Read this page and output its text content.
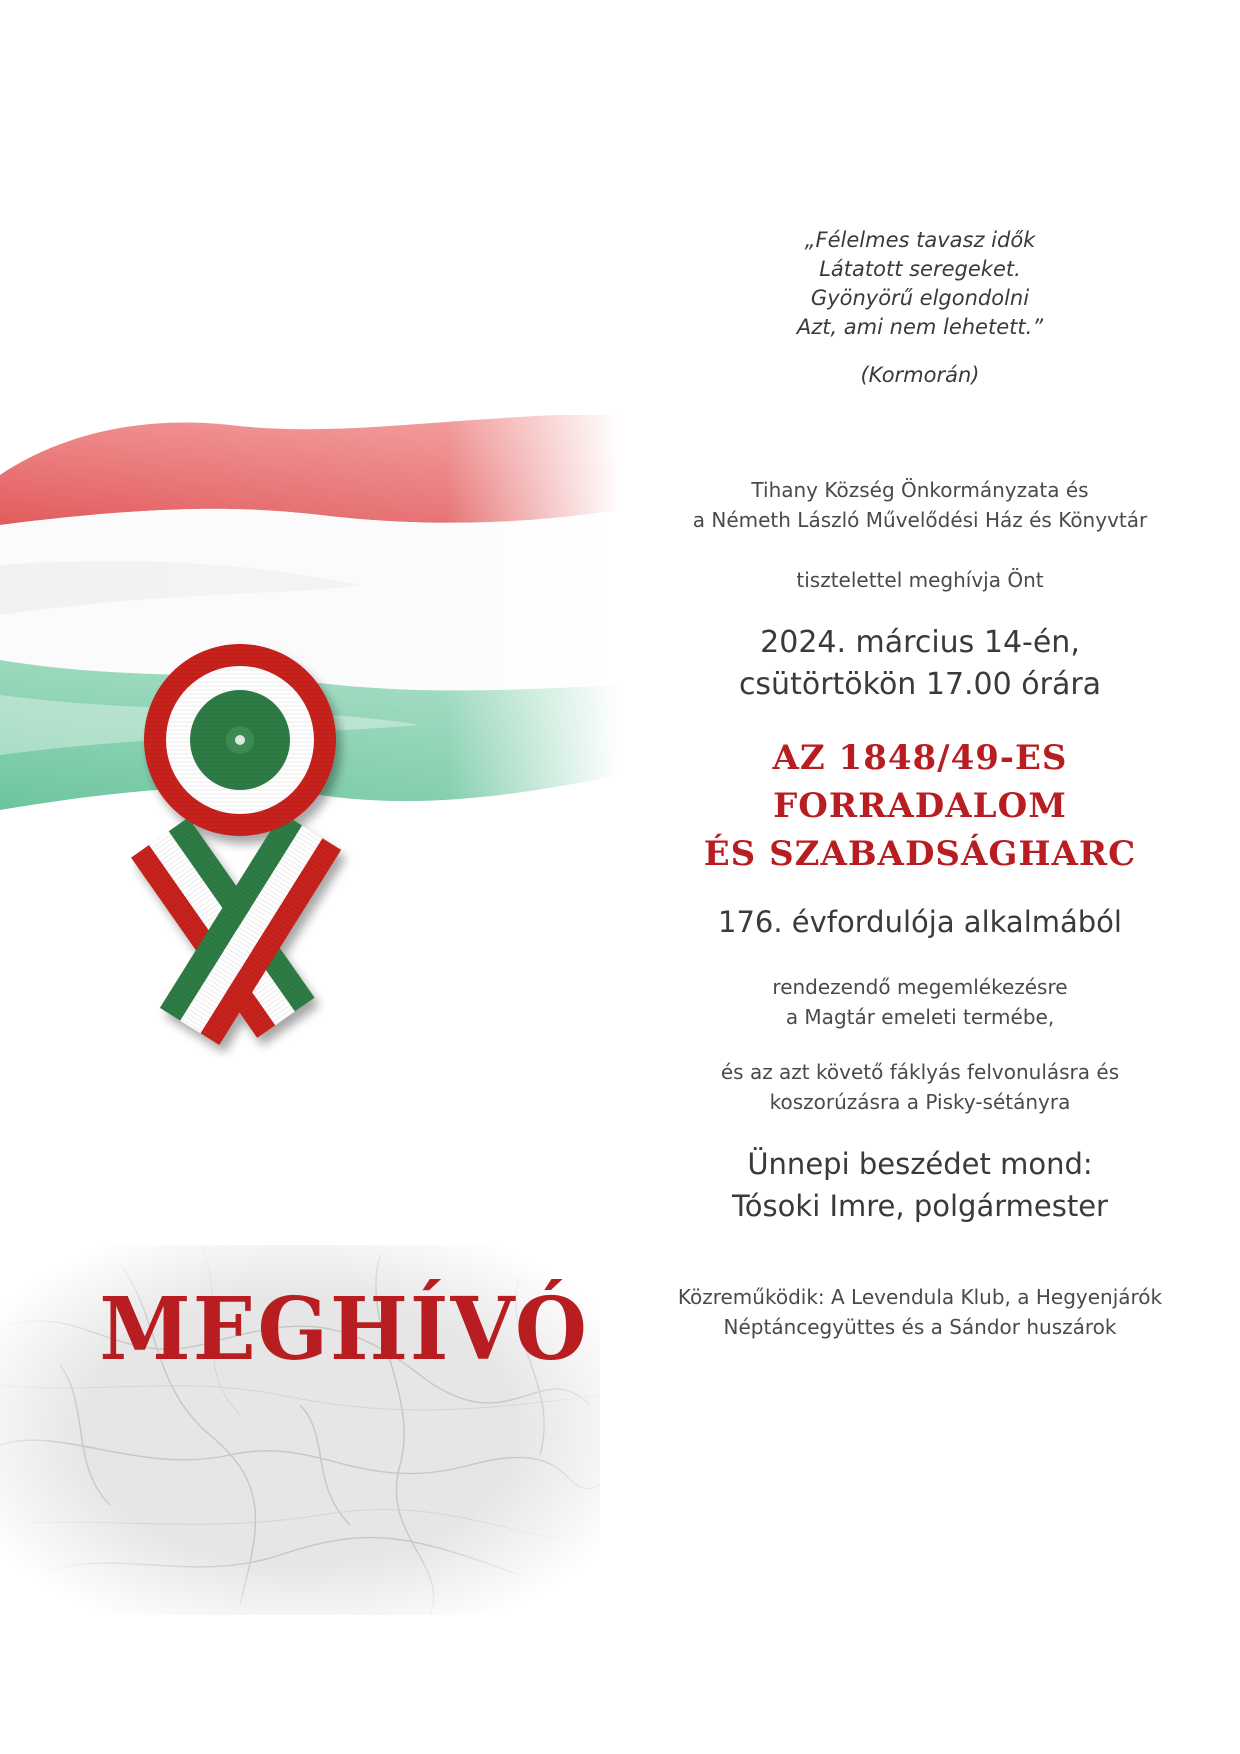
MEGHÍVÓ
„Félelmes tavasz idők
Látatott seregeket.
Gyönyörű elgondolni
Azt, ami nem lehetett.”
(Kormorán)
Tihany Község Önkormányzata és
a Németh László Művelődési Ház és Könyvtár
tisztelettel meghívja Önt
2024. március 14-én,
csütörtökön 17.00 órára
AZ 1848/49-ES
FORRADALOM
ÉS SZABADSÁGHARC
176. évfordulója alkalmából
rendezendő megemlékezésre
a Magtár emeleti termébe,
és az azt követő fáklyás felvonulásra és
koszorúzásra a Pisky-sétányra
Ünnepi beszédet mond:
Tósoki Imre, polgármester
Közreműködik: A Levendula Klub, a Hegyenjárók
Néptáncegyüttes és a Sándor huszárok
